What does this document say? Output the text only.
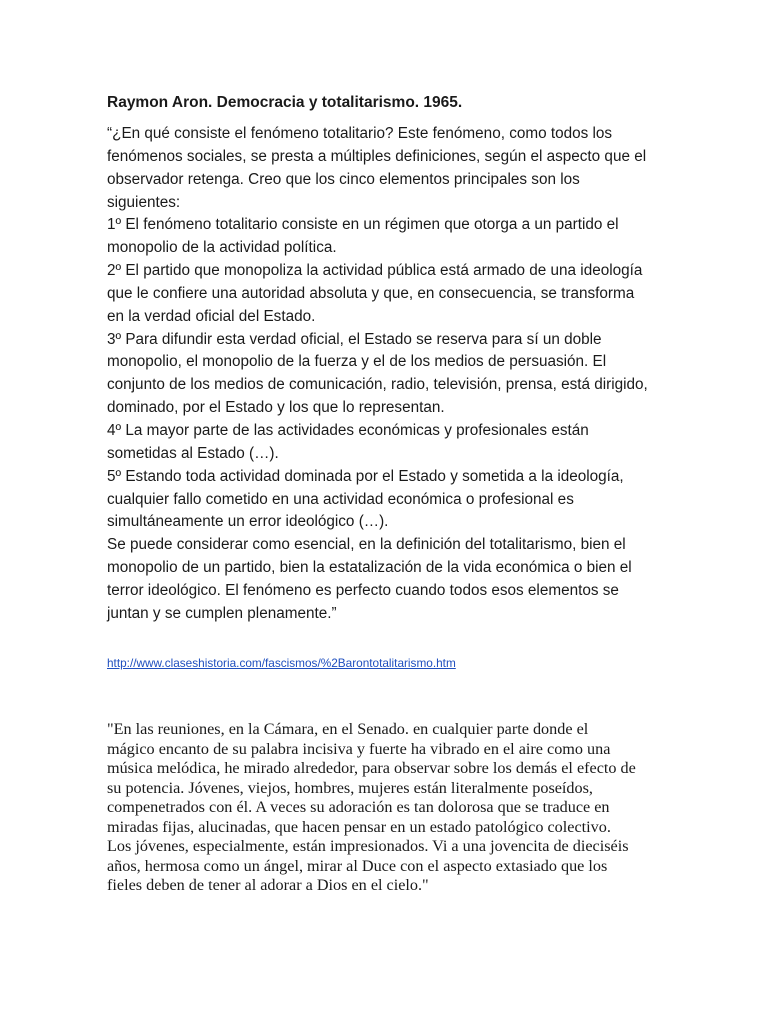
Raymon Aron. Democracia y totalitarismo. 1965.
“¿En qué consiste el fenómeno totalitario? Este fenómeno, como todos los
fenómenos sociales, se presta a múltiples definiciones, según el aspecto que el
observador retenga. Creo que los cinco elementos principales son los
siguientes:
1º El fenómeno totalitario consiste en un régimen que otorga a un partido el
monopolio de la actividad política.
2º El partido que monopoliza la actividad pública está armado de una ideología
que le confiere una autoridad absoluta y que, en consecuencia, se transforma
en la verdad oficial del Estado.
3º Para difundir esta verdad oficial, el Estado se reserva para sí un doble
monopolio, el monopolio de la fuerza y el de los medios de persuasión. El
conjunto de los medios de comunicación, radio, televisión, prensa, está dirigido,
dominado, por el Estado y los que lo representan.
4º La mayor parte de las actividades económicas y profesionales están
sometidas al Estado (…).
5º Estando toda actividad dominada por el Estado y sometida a la ideología,
cualquier fallo cometido en una actividad económica o profesional es
simultáneamente un error ideológico (…).
Se puede considerar como esencial, en la definición del totalitarismo, bien el
monopolio de un partido, bien la estatalización de la vida económica o bien el
terror ideológico. El fenómeno es perfecto cuando todos esos elementos se
juntan y se cumplen plenamente.”
http://www.claseshistoria.com/fascismos/%2Barontotalitarismo.htm
"En las reuniones, en la Cámara, en el Senado. en cualquier parte donde el
mágico encanto de su palabra incisiva y fuerte ha vibrado en el aire como una
música melódica, he mirado alrededor, para observar sobre los demás el efecto de
su potencia. Jóvenes, viejos, hombres, mujeres están literalmente poseídos,
compenetrados con él. A veces su adoración es tan dolorosa que se traduce en
miradas fijas, alucinadas, que hacen pensar en un estado patológico colectivo.
Los jóvenes, especialmente, están impresionados. Vi a una jovencita de dieciséis
años, hermosa como un ángel, mirar al Duce con el aspecto extasiado que los
fieles deben de tener al adorar a Dios en el cielo."
